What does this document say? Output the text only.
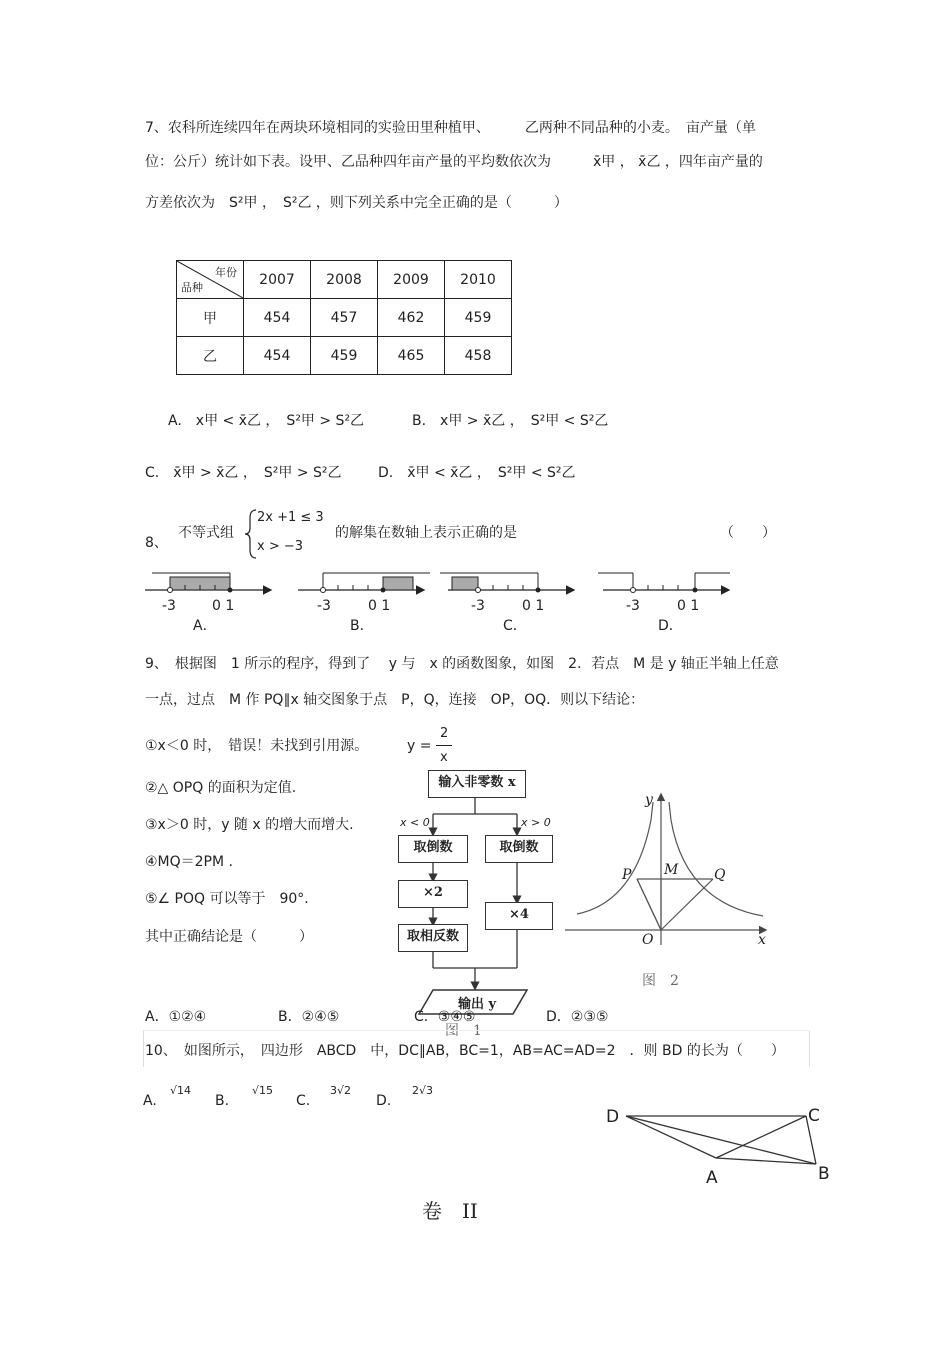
7、农科所连续四年在两块环境相同的实验田里种植甲、　　　乙两种不同品种的小麦。　亩产量（单
位：公斤）统计如下表。设甲、乙品种四年亩产量的平均数依次为　　　x̄甲 ， x̄乙 ，四年亩产量的
方差依次为　S²甲 ，　S²乙 ，则下列关系中完全正确的是（　　　）
年份
品种	2007	2008	2009	2010
甲	454	457	462	459
乙	454	459	465	458
A.　x甲 < x̄乙 ，　S²甲 > S²乙	B.　x甲 > x̄乙 ，　S²甲 < S²乙
C.　x̄甲 > x̄乙 ，　S²甲 > S²乙	D.　x̄甲 < x̄乙 ，　S²甲 < S²乙
8、
不等式组
2x +1 ≤ 3
x > −3
的解集在数轴上表示正确的是	（　　）
-3	0 1
A．
-3	0 1
B．
-3	0 1
C．
-3	0 1
D．
9、　根据图　1 所示的程序，得到了　 y 与　x 的函数图象，如图　2．若点　M 是 y 轴正半轴上任意
一点，过点　M 作 PQ∥x 轴交图象于点　P，Q，连接　OP，OQ．则以下结论：
①x＜0 时，　错误！未找到引用源。	y =
2
x
②△ OPQ 的面积为定值.
③x＞0 时，y 随 x 的增大而增大.
④MQ＝2PM .
⑤∠ POQ 可以等于　90°.
其中正确结论是（　　　）
输入非零数 x
x < 0	x > 0
取倒数	取倒数
×2
×4
取相反数
输出 y
图　1
y
x
P M	Q
O
图　2
A．①②④	B．②④⑤	C．③④⑤	D．②③⑤
10、　如图所示，　四边形　ABCD　中，DC∥AB，BC=1，AB=AC=AD=2　．则 BD 的长为（　　）
A.
√14
B.
√15
C.
3√2
D.
2√3
D	C
A	B
卷　II
